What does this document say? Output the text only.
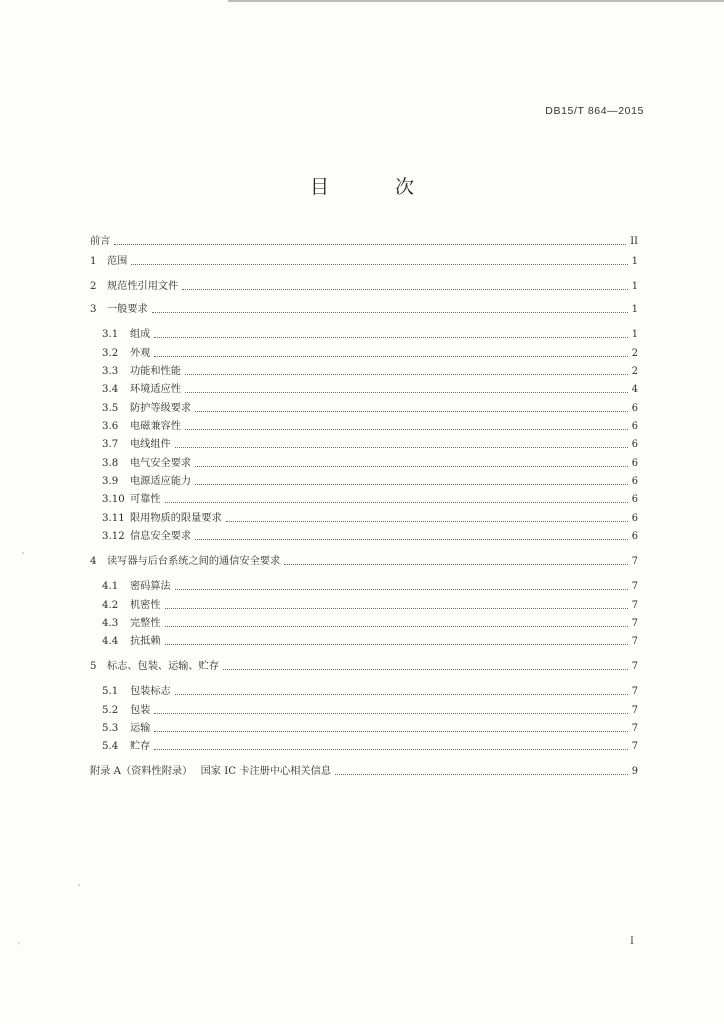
DB15/T 864—2015
目 次
前言	II
1	范围	1
2	规范性引用文件	1
3	一般要求	1
3.1	组成	1
3.2	外观	2
3.3	功能和性能	2
3.4	环境适应性	4
3.5	防护等级要求	6
3.6	电磁兼容性	6
3.7	电线组件	6
3.8	电气安全要求	6
3.9	电源适应能力	6
3.10 可靠性	6
3.11 限用物质的限量要求	6
3.12 信息安全要求	6
4	读写器与后台系统之间的通信安全要求	7
4.1	密码算法	7
4.2	机密性	7
4.3	完整性	7
4.4	抗抵赖	7
5	标志、包装、运输、贮存	7
5.1	包装标志	7
5.2	包装	7
5.3	运输	7
5.4	贮存	7
附录 A（资料性附录）　 国家 IC 卡注册中心相关信息	9
I
